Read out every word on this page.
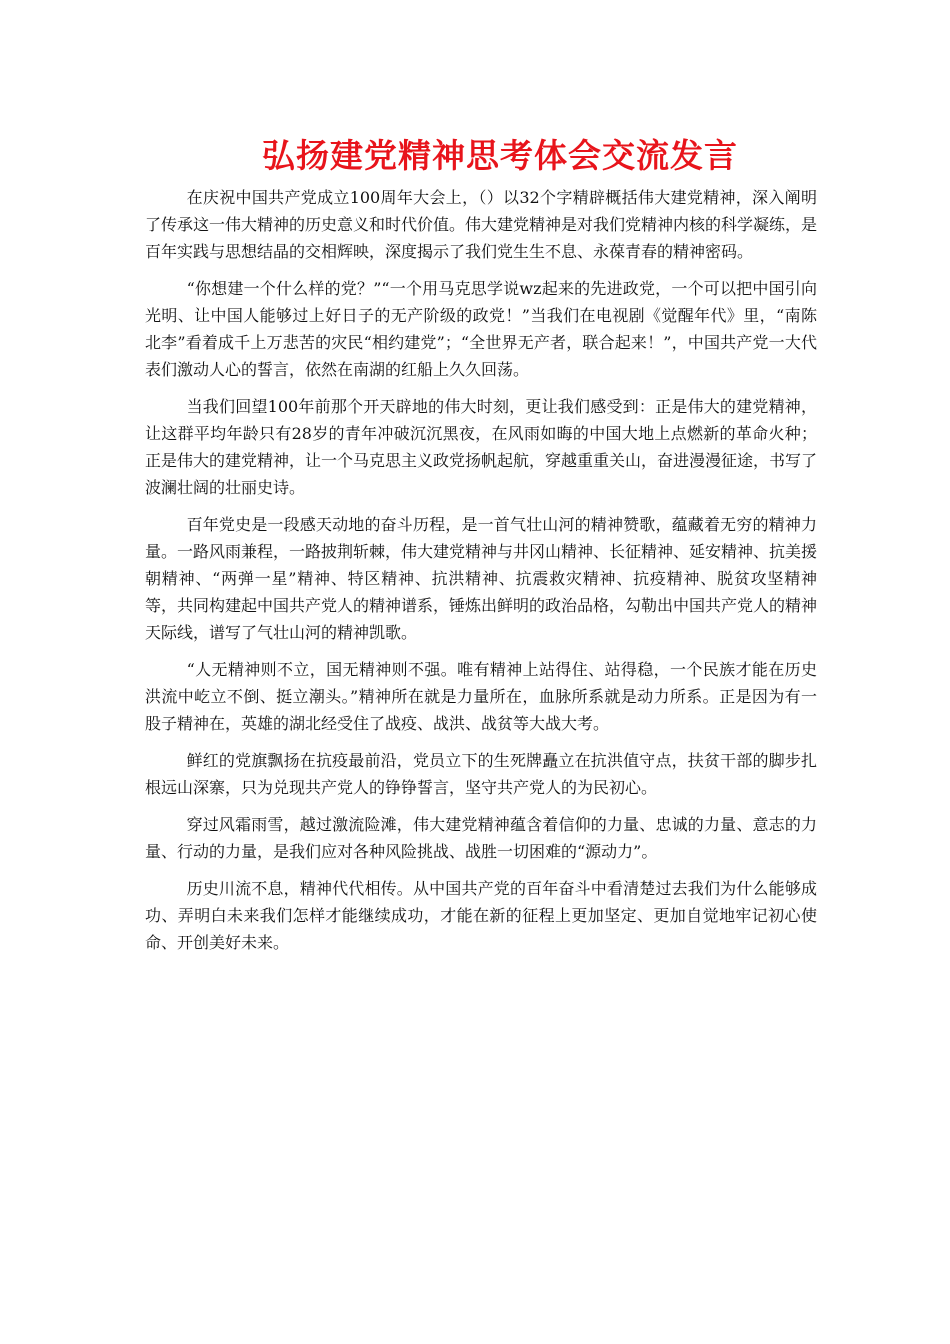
弘扬建党精神思考体会交流发言

在庆祝中国共产党成立100周年大会上，（）以32个字精辟概括伟大建党精神，深入阐明了传承这一伟大精神的历史意义和时代价值。伟大建党精神是对我们党精神内核的科学凝练，是百年实践与思想结晶的交相辉映，深度揭示了我们党生生不息、永葆青春的精神密码。

“你想建一个什么样的党？”“一个用马克思学说wz起来的先进政党，一个可以把中国引向光明、让中国人能够过上好日子的无产阶级的政党！”当我们在电视剧《觉醒年代》里，“南陈北李”看着成千上万悲苦的灾民“相约建党”；“全世界无产者，联合起来！”，中国共产党一大代表们激动人心的誓言，依然在南湖的红船上久久回荡。

当我们回望100年前那个开天辟地的伟大时刻，更让我们感受到：正是伟大的建党精神，让这群平均年龄只有28岁的青年冲破沉沉黑夜，在风雨如晦的中国大地上点燃新的革命火种；正是伟大的建党精神，让一个马克思主义政党扬帆起航，穿越重重关山，奋进漫漫征途，书写了波澜壮阔的壮丽史诗。

百年党史是一段感天动地的奋斗历程，是一首气壮山河的精神赞歌，蕴藏着无穷的精神力量。一路风雨兼程，一路披荆斩棘，伟大建党精神与井冈山精神、长征精神、延安精神、抗美援朝精神、“两弹一星”精神、特区精神、抗洪精神、抗震救灾精神、抗疫精神、脱贫攻坚精神等，共同构建起中国共产党人的精神谱系，锤炼出鲜明的政治品格，勾勒出中国共产党人的精神天际线，谱写了气壮山河的精神凯歌。

“人无精神则不立，国无精神则不强。唯有精神上站得住、站得稳，一个民族才能在历史洪流中屹立不倒、挺立潮头。”精神所在就是力量所在，血脉所系就是动力所系。正是因为有一股子精神在，英雄的湖北经受住了战疫、战洪、战贫等大战大考。

鲜红的党旗飘扬在抗疫最前沿，党员立下的生死牌矗立在抗洪值守点，扶贫干部的脚步扎根远山深寨，只为兑现共产党人的铮铮誓言，坚守共产党人的为民初心。

穿过风霜雨雪，越过激流险滩，伟大建党精神蕴含着信仰的力量、忠诚的力量、意志的力量、行动的力量，是我们应对各种风险挑战、战胜一切困难的“源动力”。

历史川流不息，精神代代相传。从中国共产党的百年奋斗中看清楚过去我们为什么能够成功、弄明白未来我们怎样才能继续成功，才能在新的征程上更加坚定、更加自觉地牢记初心使命、开创美好未来。
